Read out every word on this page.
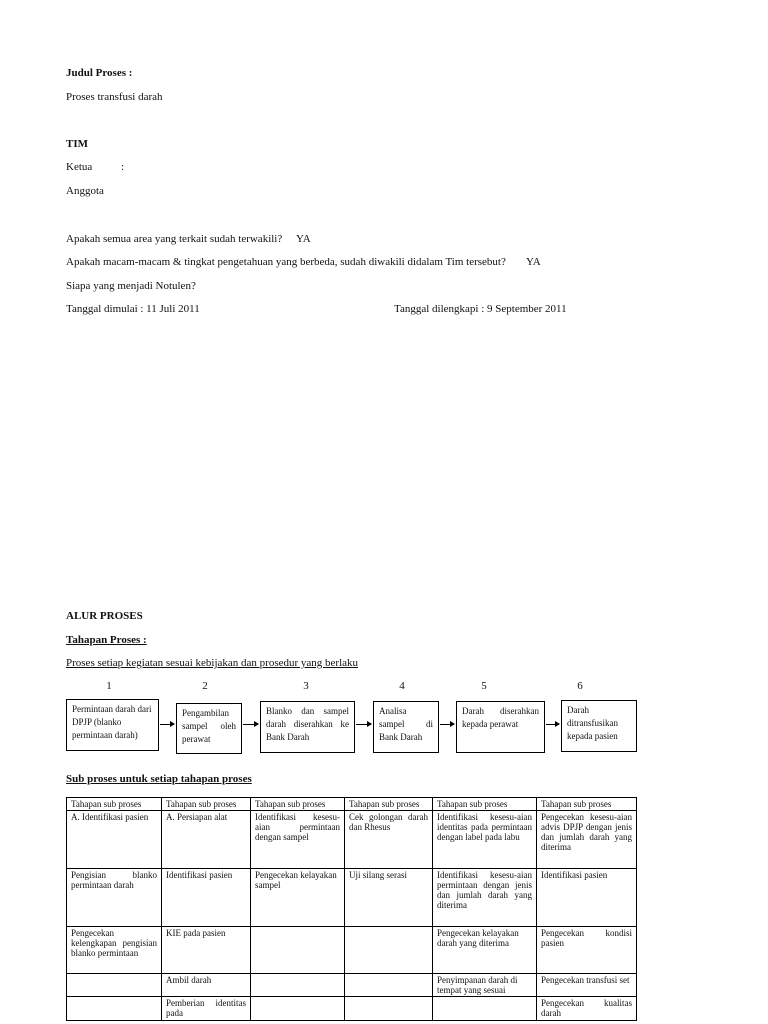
Judul Proses :
Proses transfusi darah
TIM
Ketua	:
Anggota
Apakah semua area yang terkait sudah terwakili? YA
Apakah macam-macam & tingkat pengetahuan yang berbeda, sudah diwakili didalam Tim tersebut? YA
Siapa yang menjadi Notulen?
Tanggal dimulai : 11 Juli 2011	Tanggal dilengkapi : 9 September 2011
ALUR PROSES
Tahapan Proses :
Proses setiap kegiatan sesuai kebijakan dan prosedur yang berlaku
1	2	3	4	5	6
Permintaan darah dari DPJP (blanko permintaan darah)
Pengambilan sampel oleh perawat
Blanko dan sampel darah diserahkan ke Bank Darah
Analisa sampel di Bank Darah
Darah diserahkan kepada perawat
Darah ditransfusikan kepada pasien
Sub proses untuk setiap tahapan proses
Tahapan sub proses	Tahapan sub proses	Tahapan sub proses	Tahapan sub proses	Tahapan sub proses	Tahapan sub proses
A. Identifikasi pasien	A. Persiapan alat	Identifikasi kesesu-aian permintaan dengan sampel	Cek golongan darah dan Rhesus	Identifikasi kesesu-aian identitas pada permintaan dengan label pada labu	Pengecekan kesesu-aian advis DPJP dengan jenis dan jumlah darah yang diterima
Pengisian blanko permintaan darah	Identifikasi pasien	Pengecekan kelayakan sampel	Uji silang serasi	Identifikasi kesesu-aian permintaan dengan jenis dan jumlah darah yang diterima	Identifikasi pasien
Pengecekan kelengkapan pengisian blanko permintaan	KIE pada pasien			Pengecekan kelayakan darah yang diterima	Pengecekan kondisi pasien
	Ambil darah			Penyimpanan darah di tempat yang sesuai	Pengecekan transfusi set
	Pemberian identitas pada				Pengecekan kualitas darah
